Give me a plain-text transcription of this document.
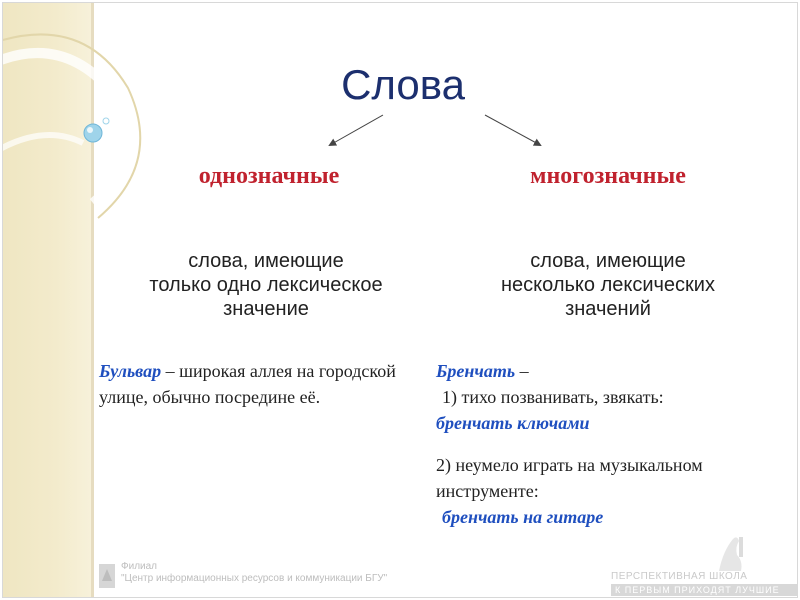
Слова
однозначные	многозначные
слова, имеющие
только одно лексическое
значение
слова, имеющие
несколько лексических
значений
Бульвар – широкая аллея на городской улице, обычно посредине её.
Бренчать –
1) тихо позванивать, звякать:
бренчать ключами
2) неумело играть на музыкальном инструменте:
бренчать на гитаре
Филиал
"Центр информационных ресурсов и коммуникации БГУ"	ПЕРСПЕКТИВНАЯ ШКОЛА
К ПЕРВЫМ ПРИХОДЯТ ЛУЧШИЕ
